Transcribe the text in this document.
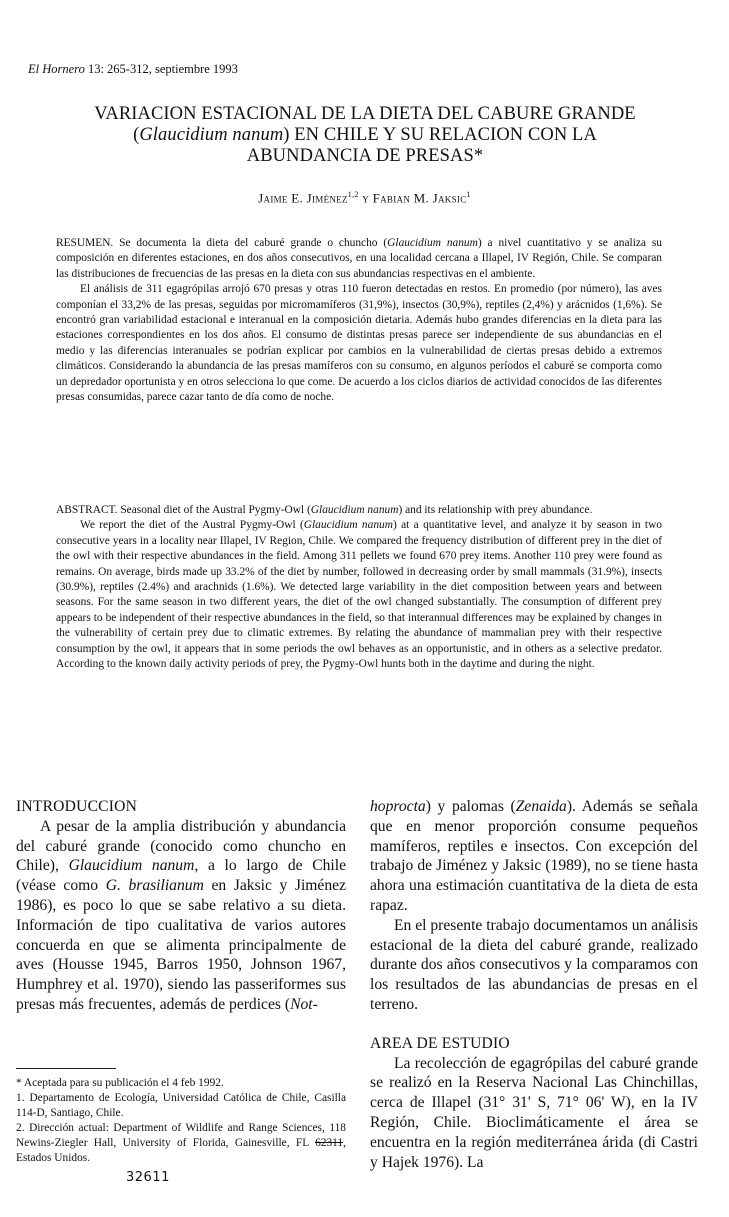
El Hornero 13: 265-312, septiembre 1993
VARIACION ESTACIONAL DE LA DIETA DEL CABURE GRANDE
(Glaucidium nanum) EN CHILE Y SU RELACION CON LA
ABUNDANCIA DE PRESAS*
Jaime E. Jiménez$^{1,2}$ y Fabian M. Jaksic$^1$

RESUMEN. Se documenta la dieta del caburé grande o chuncho (Glaucidium nanum) a nivel cuantitativo y se analiza su composición en diferentes estaciones, en dos años consecutivos, en una localidad cercana a Illapel, IV Región, Chile. Se comparan las distribuciones de frecuencias de las presas en la dieta con sus abundancias respectivas en el ambiente.

El análisis de 311 egagrópilas arrojó 670 presas y otras 110 fueron detectadas en restos. En promedio (por número), las aves componían el 33,2% de las presas, seguidas por micromamíferos (31,9%), insectos (30,9%), reptiles (2,4%) y arácnidos (1,6%). Se encontró gran variabilidad estacional e interanual en la composición dietaria. Además hubo grandes diferencias en la dieta para las estaciones correspondientes en los dos años. El consumo de distintas presas parece ser independiente de sus abundancias en el medio y las diferencias interanuales se podrían explicar por cambios en la vulnerabilidad de ciertas presas debido a extremos climáticos. Considerando la abundancia de las presas mamíferos con su consumo, en algunos períodos el caburé se comporta como un depredador oportunista y en otros selecciona lo que come. De acuerdo a los ciclos diarios de actividad conocidos de las diferentes presas consumidas, parece cazar tanto de día como de noche.

ABSTRACT. Seasonal diet of the Austral Pygmy-Owl (Glaucidium nanum) and its relationship with prey abundance.

We report the diet of the Austral Pygmy-Owl (Glaucidium nanum) at a quantitative level, and analyze it by season in two consecutive years in a locality near Illapel, IV Region, Chile. We compared the frequency distribution of different prey in the diet of the owl with their respective abundances in the field. Among 311 pellets we found 670 prey items. Another 110 prey were found as remains. On average, birds made up 33.2% of the diet by number, followed in decreasing order by small mammals (31.9%), insects (30.9%), reptiles (2.4%) and arachnids (1.6%). We detected large variability in the diet composition between years and between seasons. For the same season in two different years, the diet of the owl changed substantially. The consumption of different prey appears to be independent of their respective abundances in the field, so that interannual differences may be explained by changes in the vulnerability of certain prey due to climatic extremes. By relating the abundance of mammalian prey with their respective consumption by the owl, it appears that in some periods the owl behaves as an opportunistic, and in others as a selective predator. According to the known daily activity periods of prey, the Pygmy-Owl hunts both in the daytime and during the night.

INTRODUCCION

A pesar de la amplia distribución y abundancia del caburé grande (conocido como chuncho en Chile), Glaucidium nanum, a lo largo de Chile (véase como G. brasilianum en Jaksic y Jiménez 1986), es poco lo que se sabe relativo a su dieta. Información de tipo cualitativa de varios autores concuerda en que se alimenta principalmente de aves (Housse 1945, Barros 1950, Johnson 1967, Humphrey et al. 1970), siendo las passeriformes sus presas más frecuentes, además de perdices (Not-

* Aceptada para su publicación el 4 feb 1992.

1. Departamento de Ecología, Universidad Católica de Chile, Casilla 114-D, Santiago, Chile.

2. Dirección actual: Department of Wildlife and Range Sciences, 118 Newins-Ziegler Hall, University of Florida, Gainesville, FL 62311, Estados Unidos.

32611

hoprocta) y palomas (Zenaida). Además se señala que en menor proporción consume pequeños mamíferos, reptiles e insectos. Con excepción del trabajo de Jiménez y Jaksic (1989), no se tiene hasta ahora una estimación cuantitativa de la dieta de esta rapaz.

En el presente trabajo documentamos un análisis estacional de la dieta del caburé grande, realizado durante dos años consecutivos y la comparamos con los resultados de las abundancias de presas en el terreno.

AREA DE ESTUDIO

La recolección de egagrópilas del caburé grande se realizó en la Reserva Nacional Las Chinchillas, cerca de Illapel (31° 31' S, 71° 06' W), en la IV Región, Chile. Bioclimáticamente el área se encuentra en la región mediterránea árida (di Castri y Hajek 1976). La
